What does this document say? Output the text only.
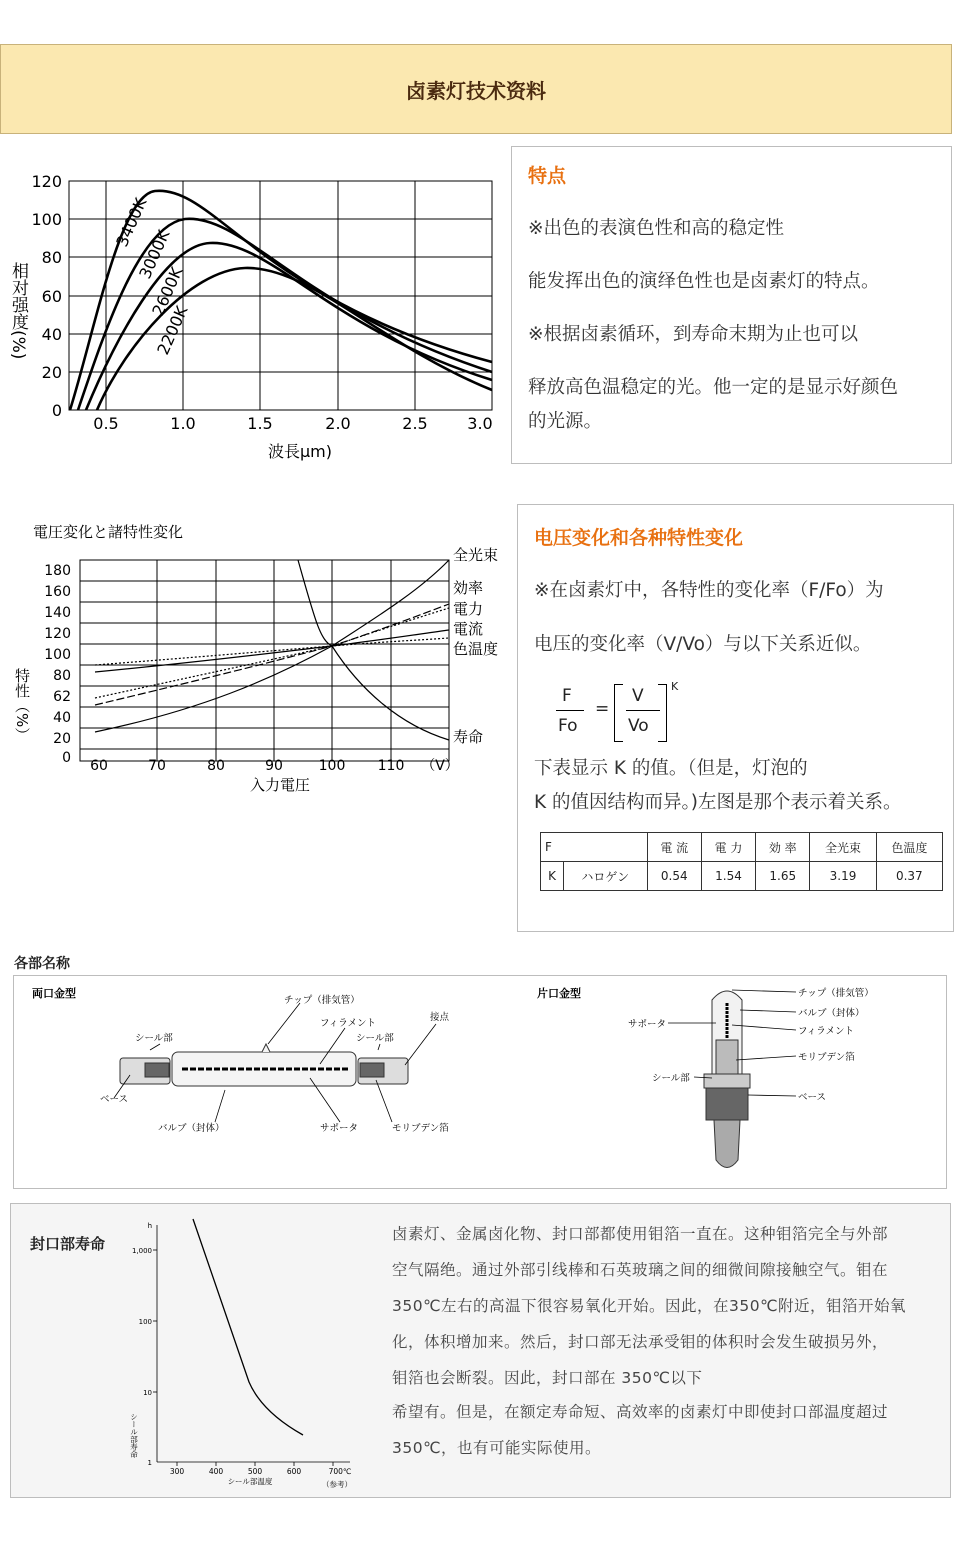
卤素灯技术资料
120
100
80
60
40
20
0
0.5	1.0	1.5	2.0	2.5 3.0
波長μm)
相对强度(%)
3400K
3000K
2600K
2200K
特点
※出色的表演色性和高的稳定性
能发挥出色的演绎色性也是卤素灯的特点。
※根据卤素循环，到寿命末期为止也可以
释放高色温稳定的光。他一定的是显示好颜色
的光源。
電圧変化と諸特性変化
180
160
140
120
100
80
62
40
20
0 60	70	80	90	100 110 （V）
入力電圧
特性（%）
全光束
効率
電力
電流
色温度
寿命
电压变化和各种特性变化
※在卤素灯中，各特性的变化率（F/Fo）为
电压的变化率（V/Vo）与以下关系近似。
F
Fo
=
V
Vo
K
下表显示 K 的值。（但是，灯泡的
K 的值因结构而异。)左图是那个表示着关系。
F		電 流	電 力	効 率	全光束	色温度
K	ハロゲン	0.54	1.54	1.65	3.19	0.37
各部名称
両口金型
チップ（排気管）
フィラメント
シール部	シール部
接点
ベース
バルブ（封体）	サポータ	モリブデン箔
片口金型	チップ（排気管）
バルブ（封体）
フィラメント
サポータ
モリブデン箔
シール部
ベース
封口部寿命
h
1,000
100
10
1
300	400	500	600	700℃
シール部温度	（参考）
シール部寿命
卤素灯、金属卤化物、封口部都使用钼箔一直在。这种钼箔完全与外部
空气隔绝。通过外部引线棒和石英玻璃之间的细微间隙接触空气。钼在
350℃左右的高温下很容易氧化开始。因此，在350℃附近，钼箔开始氧
化，体积增加来。然后，封口部无法承受钼的体积时会发生破损另外，
钼箔也会断裂。因此，封口部在 350℃以下
希望有。但是，在额定寿命短、高效率的卤素灯中即使封口部温度超过
350℃，也有可能实际使用。
